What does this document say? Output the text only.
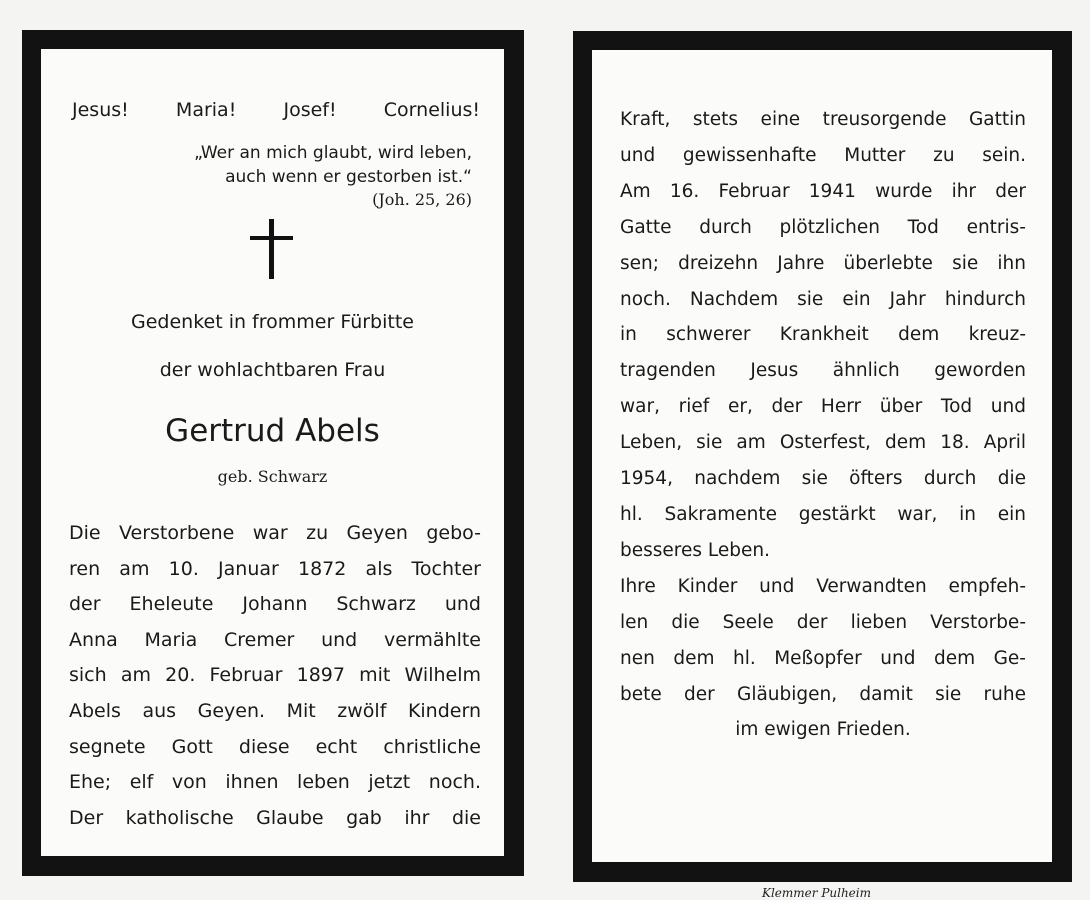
Jesus! Maria! Josef! Cornelius!
„Wer an mich glaubt, wird leben,
auch wenn er gestorben ist.“
(Joh. 25, 26)
Gedenket in frommer Fürbitte
der wohlachtbaren Frau
Gertrud Abels
geb. Schwarz
Die Verstorbene war zu Geyen gebo-
ren am 10. Januar 1872 als Tochter
der Eheleute Johann Schwarz und
Anna Maria Cremer und vermählte
sich am 20. Februar 1897 mit Wilhelm
Abels aus Geyen. Mit zwölf Kindern
segnete Gott diese echt christliche
Ehe; elf von ihnen leben jetzt noch.
Der katholische Glaube gab ihr die
Kraft, stets eine treusorgende Gattin
und gewissenhafte Mutter zu sein.
Am 16. Februar 1941 wurde ihr der
Gatte durch plötzlichen Tod entris-
sen; dreizehn Jahre überlebte sie ihn
noch. Nachdem sie ein Jahr hindurch
in schwerer Krankheit dem kreuz-
tragenden Jesus ähnlich geworden
war, rief er, der Herr über Tod und
Leben, sie am Osterfest, dem 18. April
1954, nachdem sie öfters durch die
hl. Sakramente gestärkt war, in ein
besseres Leben.
Ihre Kinder und Verwandten empfeh-
len die Seele der lieben Verstorbe-
nen dem hl. Meßopfer und dem Ge-
bete der Gläubigen, damit sie ruhe
im ewigen Frieden.
Klemmer Pulheim
